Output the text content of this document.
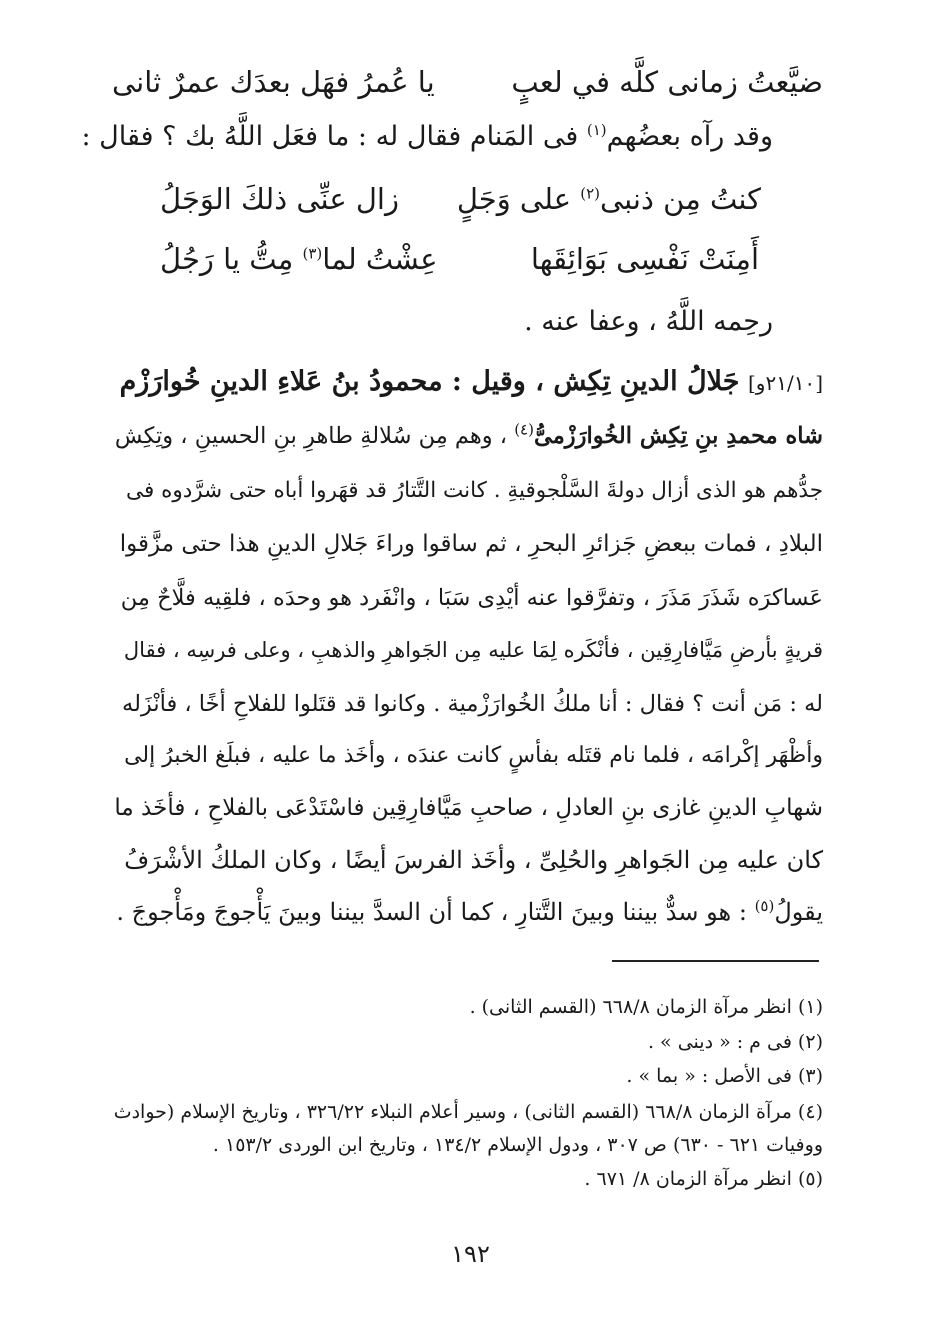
ضيَّعتُ زمانى كلَّه في لعبٍ
يا عُمرُ فهَل بعدَك عمرٌ ثانى
وقد رآه بعضُهم$^{(١)}$ فى المَنام فقال له : ما فعَل اللَّهُ بك ؟ فقال :
كنتُ مِن ذنبى$^{(٢)}$ على وَجَلٍ
زال عنِّى ذلكَ الوَجَلُ
أَمِنَتْ نَفْسِى بَوَائِقَها
عِشْتُ لما$^{(٣)}$ مِتُّ يا رَجُلُ
رحِمه اللَّهُ ، وعفا عنه .
[٢١/١٠و] جَلالُ الدينِ تِكِش ، وقيل : محمودُ بنُ عَلاءِ الدينِ خُوارَزْم
شاه محمدِ بنِ تِكِش الخُوارَزْمىُّ$^{(٤)}$ ، وهم مِن سُلالةِ طاهرِ بنِ الحسينِ ، وتِكِش
جدُّهم هو الذى أزال دولةَ السَّلْجوقيةِ . كانت التَّتارُ قد قهَروا أباه حتى شرَّدوه فى
البلادِ ، فمات ببعضِ جَزائرِ البحرِ ، ثم ساقوا وراءَ جَلالِ الدينِ هذا حتى مزَّقوا
عَساكرَه شَذَرَ مَذَرَ ، وتفرَّقوا عنه أيْدِى سَبَا ، وانْفَرد هو وحدَه ، فلقِيه فلَّاحٌ مِن
قريةٍ بأرضِ مَيَّافارِقِين ، فأنْكَره لِمَا عليه مِن الجَواهرِ والذهبِ ، وعلى فرسِه ، فقال
له : مَن أنت ؟ فقال : أنا ملكُ الخُوارَزْمية . وكانوا قد قتَلوا للفلاحِ أخًا ، فأنْزَله
وأظْهَر إكْرامَه ، فلما نام قتَله بفأسٍ كانت عندَه ، وأخَذ ما عليه ، فبلَغ الخبرُ إلى
شهابِ الدينِ غازى بنِ العادلِ ، صاحبِ مَيَّافارِقِين فاسْتَدْعَى بالفلاحِ ، فأخَذ ما
كان عليه مِن الجَواهرِ والحُلِىِّ ، وأخَذ الفرسَ أيضًا ، وكان الملكُ الأشْرَفُ
يقولُ$^{(٥)}$ : هو سدٌّ بيننا وبينَ التَّتارِ ، كما أن السدَّ بيننا وبينَ يَأْجوجَ ومَأْجوجَ .
(١) انظر مرآة الزمان ٦٦٨/٨ (القسم الثانى) .
(٢) فى م : « دينى » .
(٣) فى الأصل : « بما » .
(٤) مرآة الزمان ٦٦٨/٨ (القسم الثانى) ، وسير أعلام النبلاء ٣٢٦/٢٢ ، وتاريخ الإسلام (حوادث
ووفيات ٦٢١ - ٦٣٠) ص ٣٠٧ ، ودول الإسلام ١٣٤/٢ ، وتاريخ ابن الوردى ١٥٣/٢ .
(٥) انظر مرآة الزمان ٨/ ٦٧١ .
١٩٢
